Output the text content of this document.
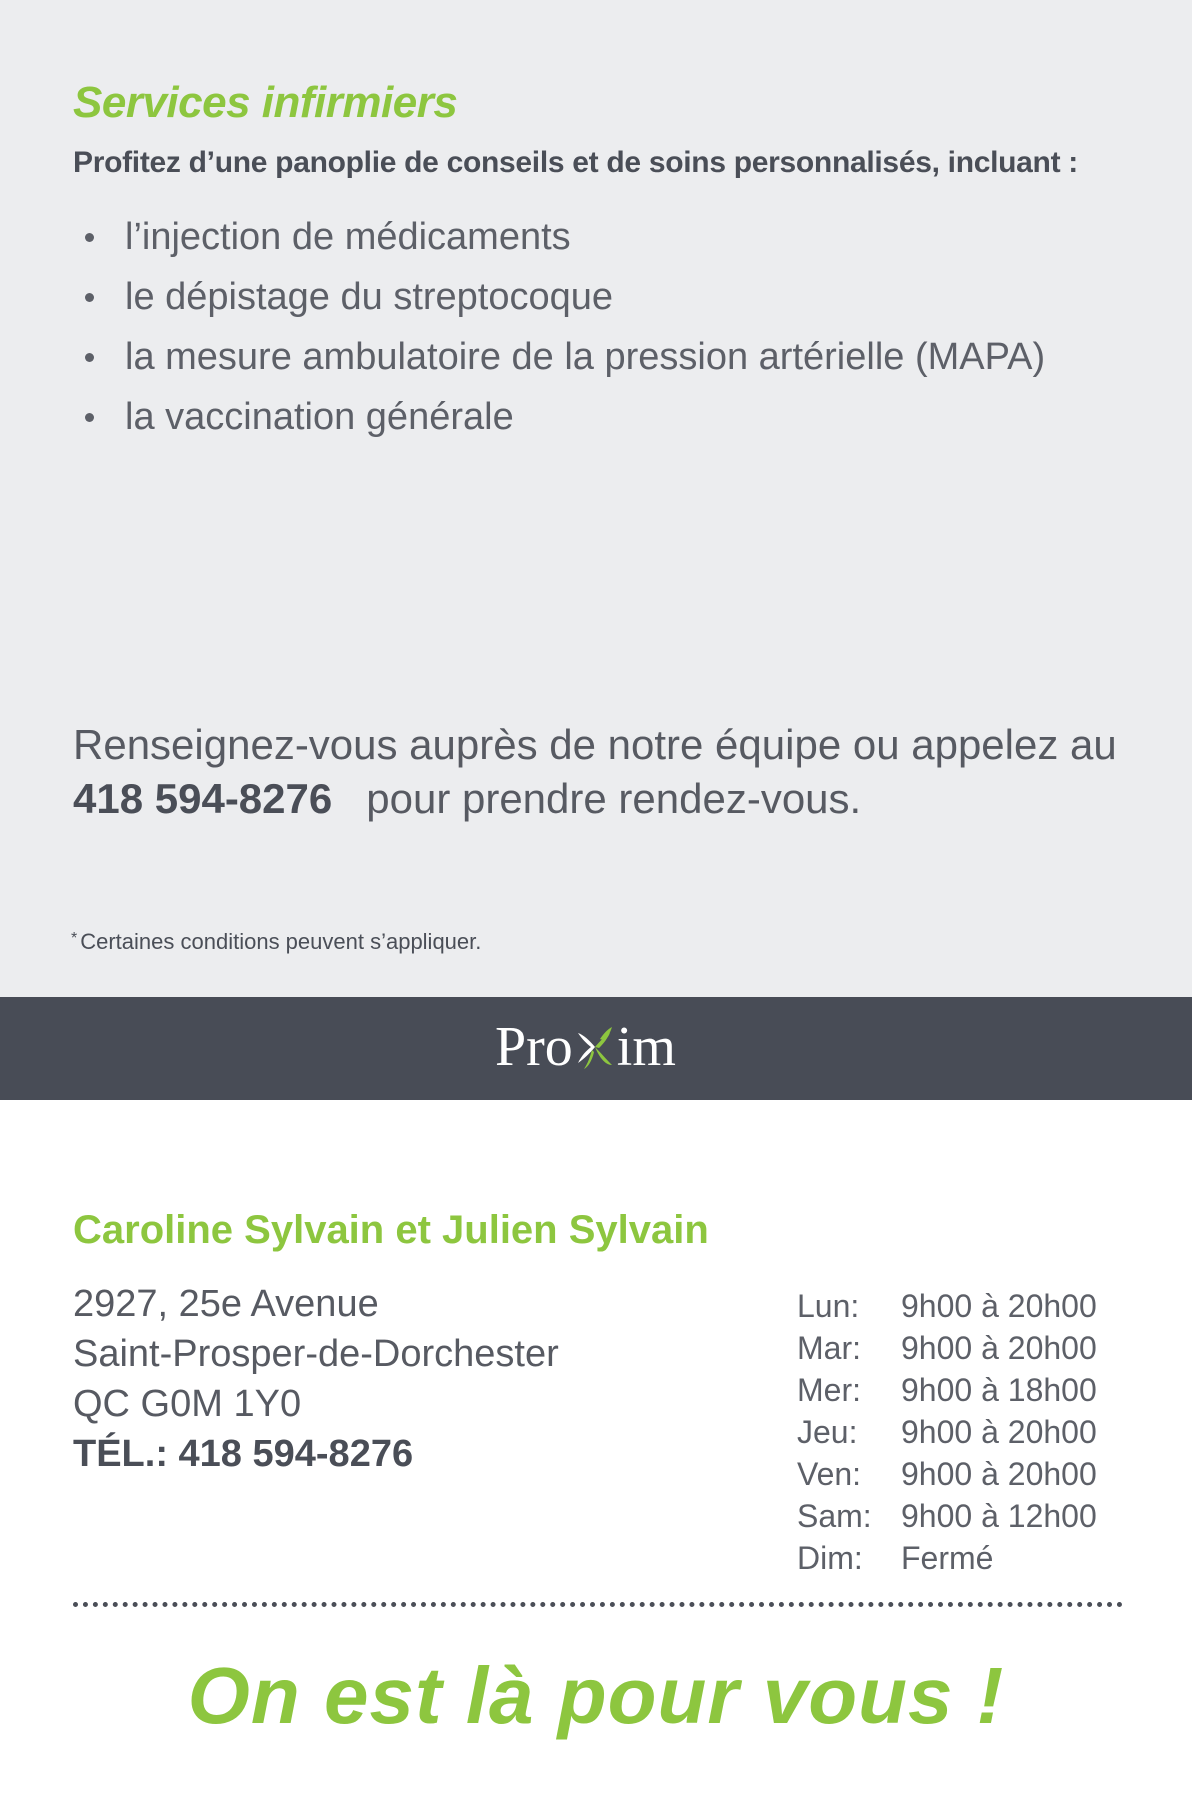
Services infirmiers

Profitez d’une panoplie de conseils et de soins personnalisés, incluant :

l’injection de médicaments
le dépistage du streptocoque
la mesure ambulatoire de la pression artérielle (MAPA)
la vaccination générale

Renseignez-vous auprès de notre équipe ou appelez au
418 594-8276 pour prendre rendez-vous.

* Certaines conditions peuvent s’appliquer.

Pro im
Caroline Sylvain et Julien Sylvain
2927, 25e Avenue
Saint-Prosper-de-Dorchester
QC G0M 1Y0
TÉL.: 418 594-8276
Lun:	9h00 à 20h00
Mar:	9h00 à 20h00
Mer:	9h00 à 18h00
Jeu:	9h00 à 20h00
Ven:	9h00 à 20h00
Sam: 9h00 à 12h00
Dim:	Fermé

On est là pour vous !
